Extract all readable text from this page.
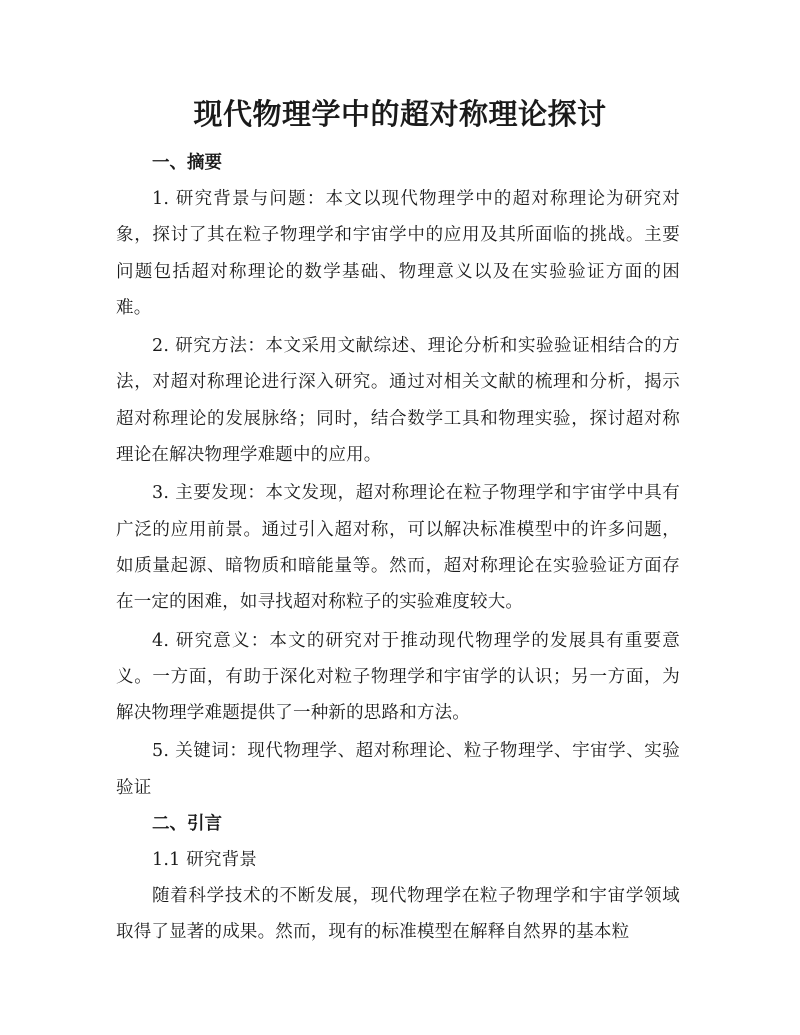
现代物理学中的超对称理论探讨
一、摘要

1. 研究背景与问题：本文以现代物理学中的超对称理论为研究对象，探讨了其在粒子物理学和宇宙学中的应用及其所面临的挑战。主要问题包括超对称理论的数学基础、物理意义以及在实验验证方面的困难。

2. 研究方法：本文采用文献综述、理论分析和实验验证相结合的方法，对超对称理论进行深入研究。通过对相关文献的梳理和分析，揭示超对称理论的发展脉络；同时，结合数学工具和物理实验，探讨超对称理论在解决物理学难题中的应用。

3. 主要发现：本文发现，超对称理论在粒子物理学和宇宙学中具有广泛的应用前景。通过引入超对称，可以解决标准模型中的许多问题，如质量起源、暗物质和暗能量等。然而，超对称理论在实验验证方面存在一定的困难，如寻找超对称粒子的实验难度较大。

4. 研究意义：本文的研究对于推动现代物理学的发展具有重要意义。一方面，有助于深化对粒子物理学和宇宙学的认识；另一方面，为解决物理学难题提供了一种新的思路和方法。

5. 关键词：现代物理学、超对称理论、粒子物理学、宇宙学、实验验证

二、引言

1.1 研究背景

随着科学技术的不断发展，现代物理学在粒子物理学和宇宙学领域取得了显著的成果。然而，现有的标准模型在解释自然界的基本粒
